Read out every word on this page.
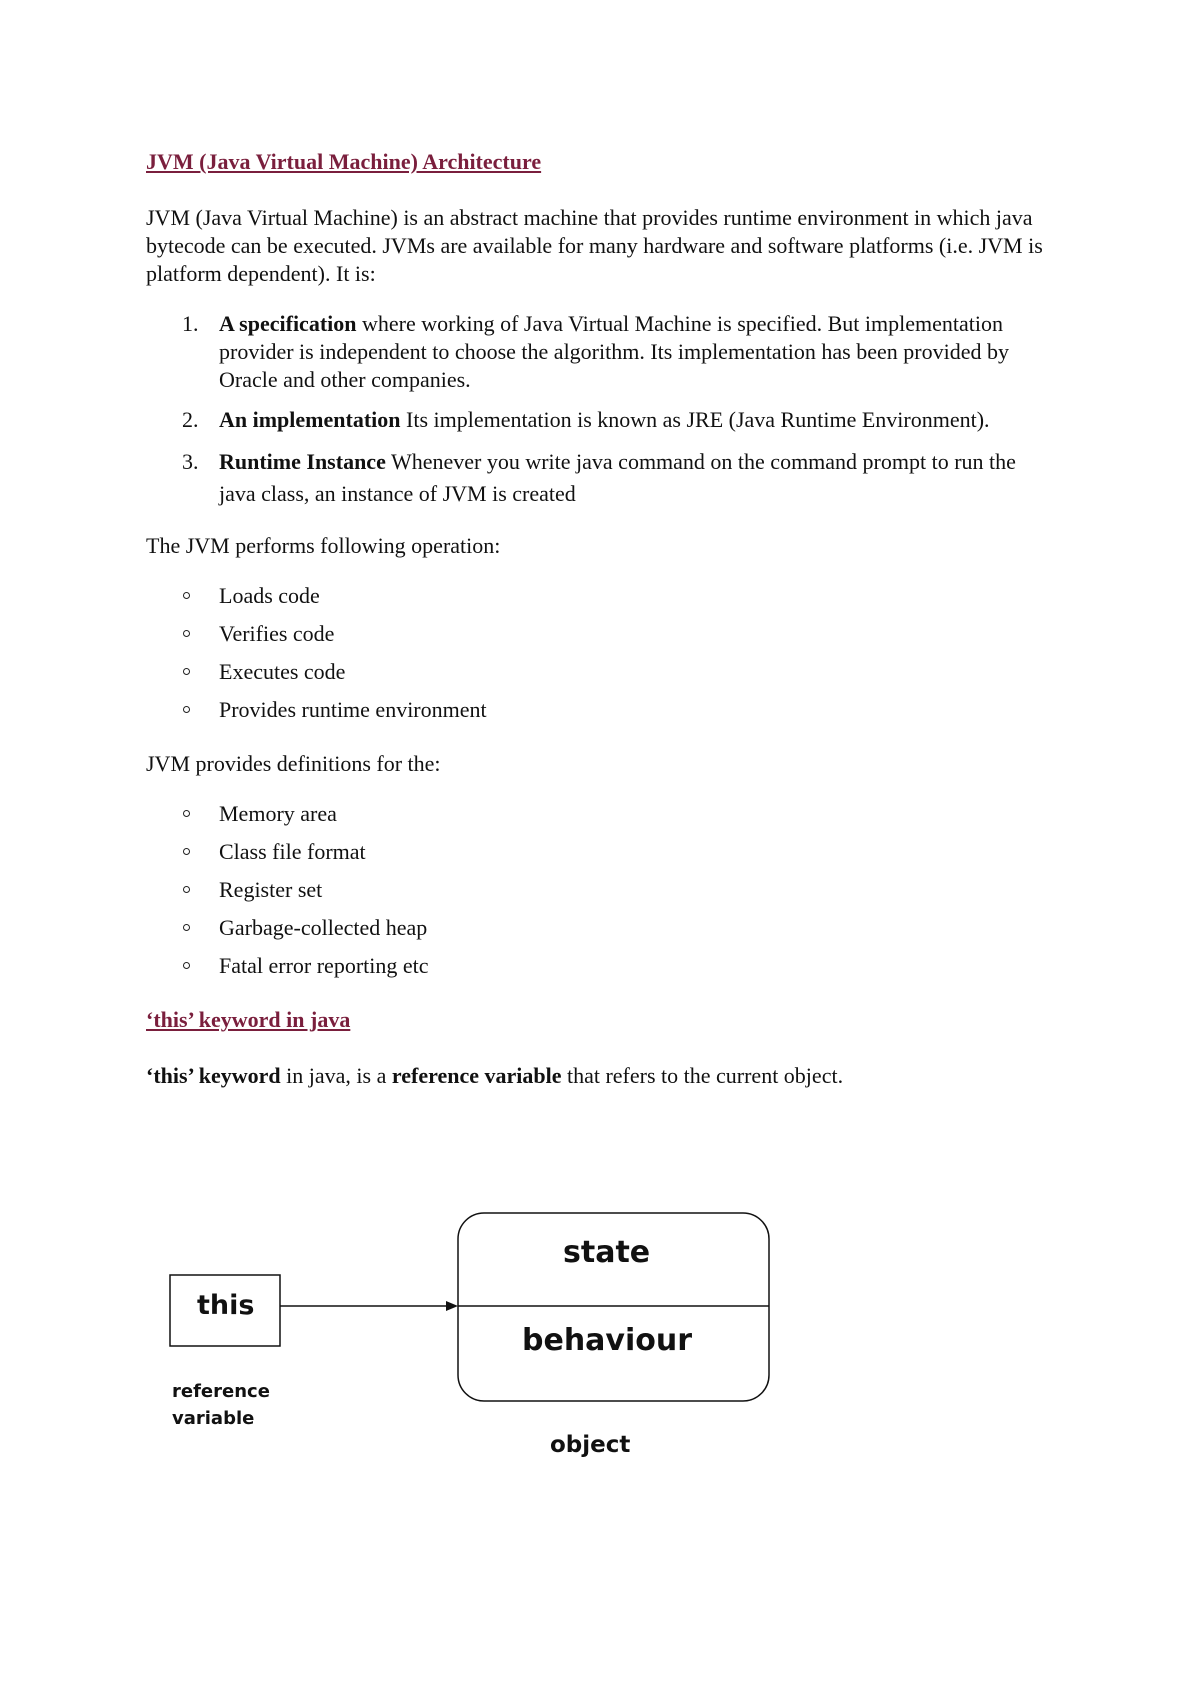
JVM (Java Virtual Machine) Architecture

JVM (Java Virtual Machine) is an abstract machine that provides runtime environment in which java bytecode can be executed. JVMs are available for many hardware and software platforms (i.e. JVM is platform dependent). It is:

1. A specification where working of Java Virtual Machine is specified. But implementation provider is independent to choose the algorithm. Its implementation has been provided by Oracle and other companies.
2. An implementation Its implementation is known as JRE (Java Runtime Environment).
3. Runtime Instance Whenever you write java command on the command prompt to run the java class, an instance of JVM is created

The JVM performs following operation:

Loads code
Verifies code
Executes code
Provides runtime environment

JVM provides definitions for the:

Memory area
Class file format
Register set
Garbage-collected heap
Fatal error reporting etc

‘this’ keyword in java

‘this’ keyword in java, is a reference variable that refers to the current object.

this
reference
variable
state
behaviour
object
